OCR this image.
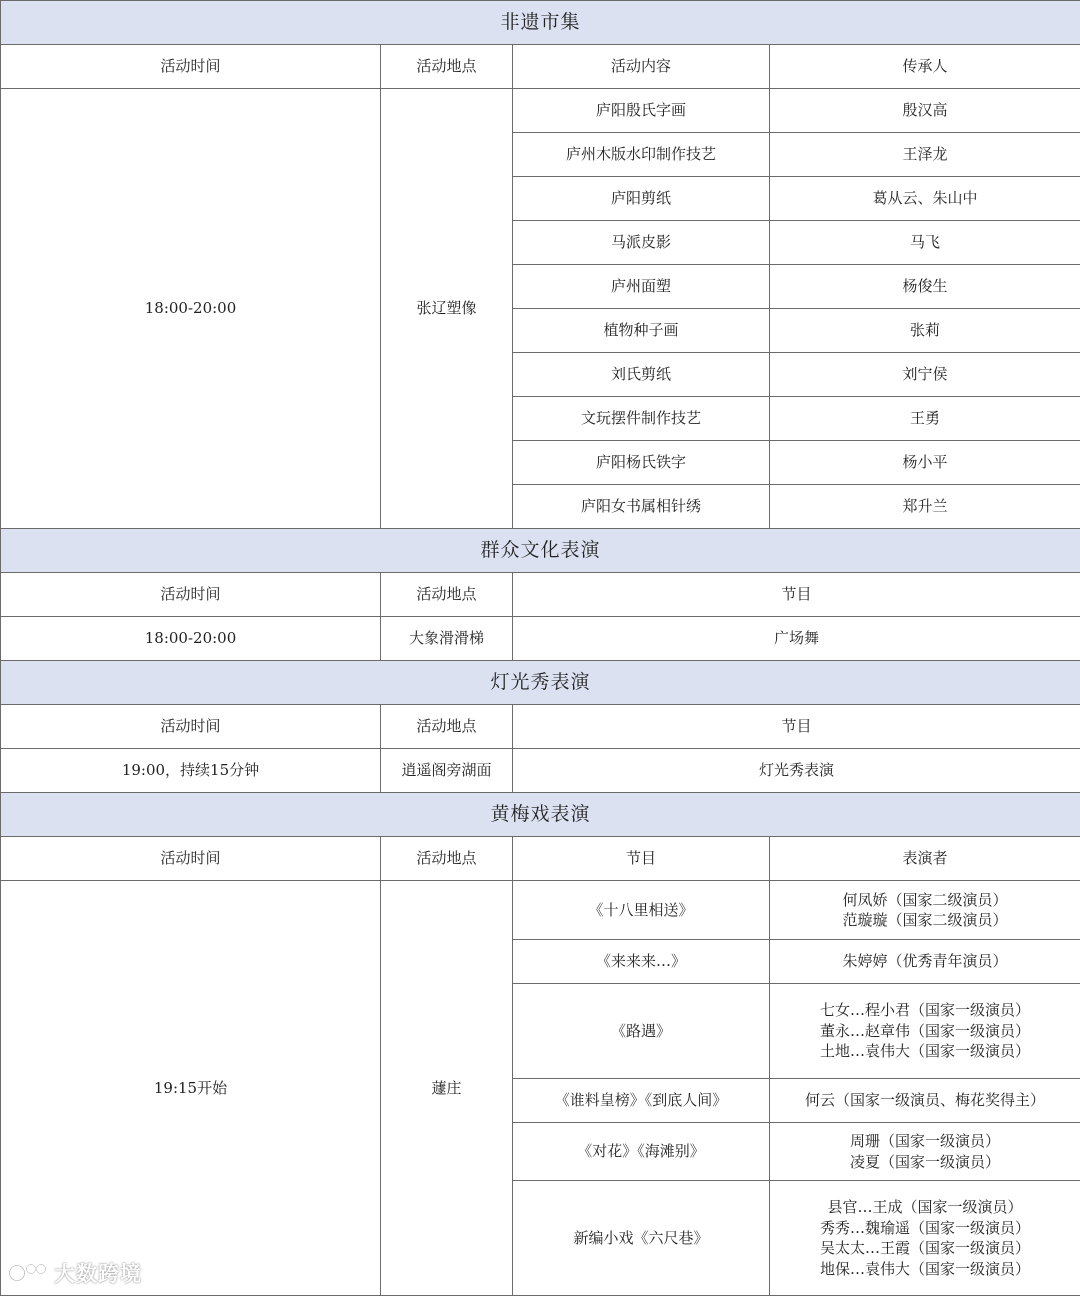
非遗市集			
活动时间	活动地点	活动内容	传承人
18:00-20:00	张辽塑像	庐阳殷氏字画	殷汉高
		庐州木版水印制作技艺	王泽龙
		庐阳剪纸	葛从云、朱山中
		马派皮影	马飞
		庐州面塑	杨俊生
		植物种子画	张莉
		刘氏剪纸	刘宁侯
		文玩摆件制作技艺	王勇
		庐阳杨氏铁字	杨小平
		庐阳女书属相针绣	郑升兰
群众文化表演			
活动时间	活动地点	节目	
18:00-20:00	大象滑滑梯	广场舞	
灯光秀表演			
活动时间	活动地点	节目	
19:00，持续15分钟	逍遥阁旁湖面	灯光秀表演	
黄梅戏表演			
活动时间	活动地点	节目	表演者
19:15开始	蘧庄	《十八里相送》	何凤娇（国家二级演员）
范璇璇（国家二级演员）

		《来来来…》	朱婷婷（优秀青年演员）

		《路遇》	七女…程小君（国家一级演员）
董永…赵章伟（国家一级演员）
土地…袁伟大（国家一级演员）

		《谁料皇榜》《到底人间》	何云（国家一级演员、梅花奖得主）

		《对花》《海滩别》	周珊（国家一级演员）
凌夏（国家一级演员）

		新编小戏《六尺巷》	县官…王成（国家一级演员）
秀秀…魏瑜遥（国家一级演员）
吴太太…王霞（国家一级演员）
地保…袁伟大（国家一级演员）
大数跨境
